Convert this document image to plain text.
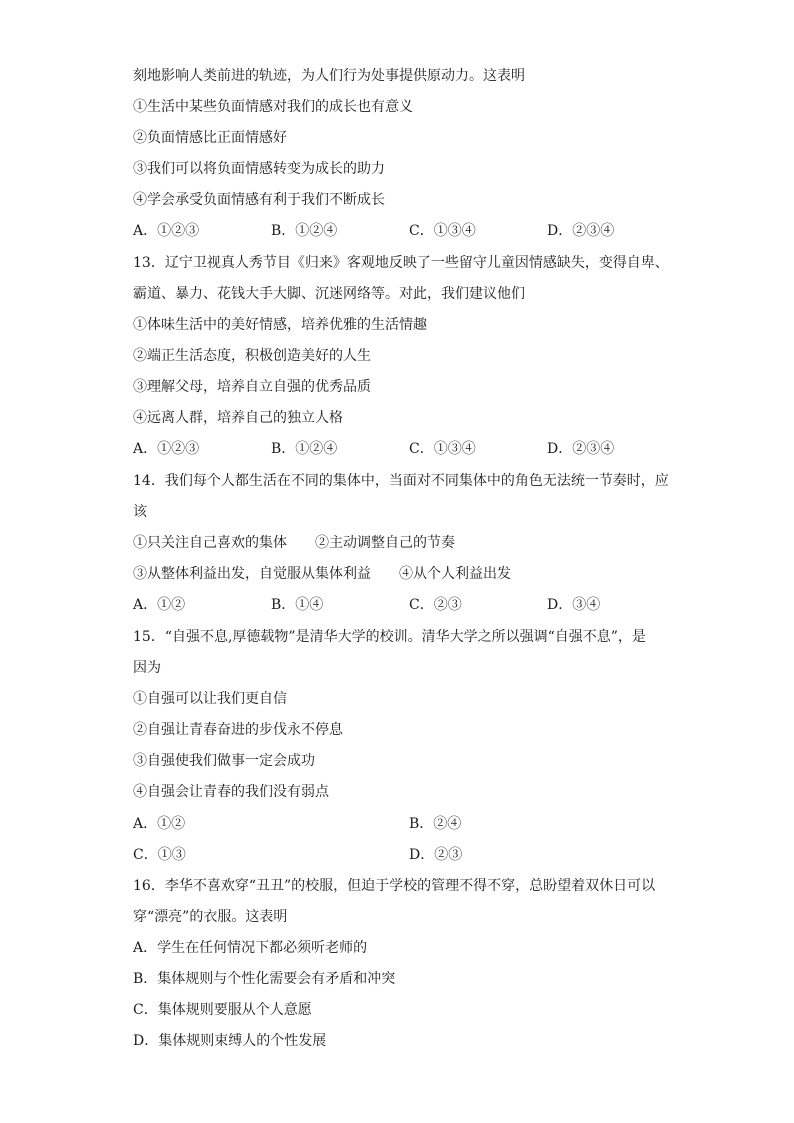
刻地影响人类前进的轨迹，为人们行为处事提供原动力。这表明
①生活中某些负面情感对我们的成长也有意义
②负面情感比正面情感好
③我们可以将负面情感转变为成长的助力
④学会承受负面情感有利于我们不断成长
A．①②③	B．①②④	C．①③④	D．②③④
13．辽宁卫视真人秀节目《归来》客观地反映了一些留守儿童因情感缺失，变得自卑、
霸道、暴力、花钱大手大脚、沉迷网络等。对此，我们建议他们
①体味生活中的美好情感，培养优雅的生活情趣
②端正生活态度，积极创造美好的人生
③理解父母，培养自立自强的优秀品质
④远离人群，培养自己的独立人格
A．①②③	B．①②④	C．①③④	D．②③④
14．我们每个人都生活在不同的集体中，当面对不同集体中的角色无法统一节奏时，应
该
①只关注自己喜欢的集体　　②主动调整自己的节奏
③从整体利益出发，自觉服从集体利益　　④从个人利益出发
A．①②	B．①④	C．②③	D．③④
15．“自强不息,厚德载物”是清华大学的校训。清华大学之所以强调“自强不息”，是
因为
①自强可以让我们更自信
②自强让青春奋进的步伐永不停息
③自强使我们做事一定会成功
④自强会让青春的我们没有弱点
A．①②	B．②④
C．①③	D．②③
16．李华不喜欢穿“丑丑”的校服，但迫于学校的管理不得不穿，总盼望着双休日可以
穿“漂亮”的衣服。这表明
A．学生在任何情况下都必须听老师的
B．集体规则与个性化需要会有矛盾和冲突
C．集体规则要服从个人意愿
D．集体规则束缚人的个性发展
